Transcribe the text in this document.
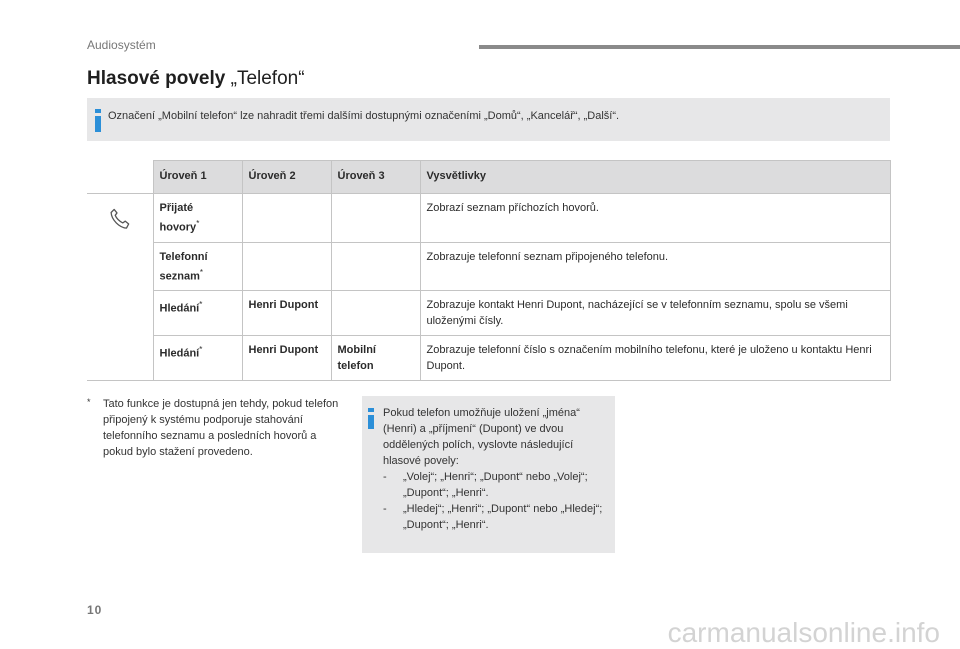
Audiosystém
Hlasové povely „Telefon“
Označení „Mobilní telefon“ lze nahradit třemi dalšími dostupnými označeními „Domů“, „Kancelář“, „Další“.
	Úroveň 1	Úroveň 2	Úroveň 3	Vysvětlivky
	Přijaté hovory*			Zobrazí seznam příchozích hovorů.
	Telefonní seznam*			Zobrazuje telefonní seznam připojeného telefonu.
	Hledání*	Henri Dupont		Zobrazuje kontakt Henri Dupont, nacházející se v telefonním seznamu, spolu se všemi uloženými čísly.
	Hledání*	Henri Dupont	Mobilní telefon	Zobrazuje telefonní číslo s označením mobilního telefonu, které je uloženo u kontaktu Henri Dupont.
* Tato funkce je dostupná jen tehdy, pokud telefon připojený k systému podporuje stahování telefonního seznamu a posledních hovorů a pokud bylo stažení provedeno.
Pokud telefon umožňuje uložení „jména“ (Henri) a „příjmení“ (Dupont) ve dvou oddělených polích, vyslovte následující hlasové povely:
- „Volej“; „Henri“; „Dupont“ nebo „Volej“; „Dupont“; „Henri“.
- „Hledej“; „Henri“; „Dupont“ nebo „Hledej“; „Dupont“; „Henri“.
10
carmanualsonline.info
